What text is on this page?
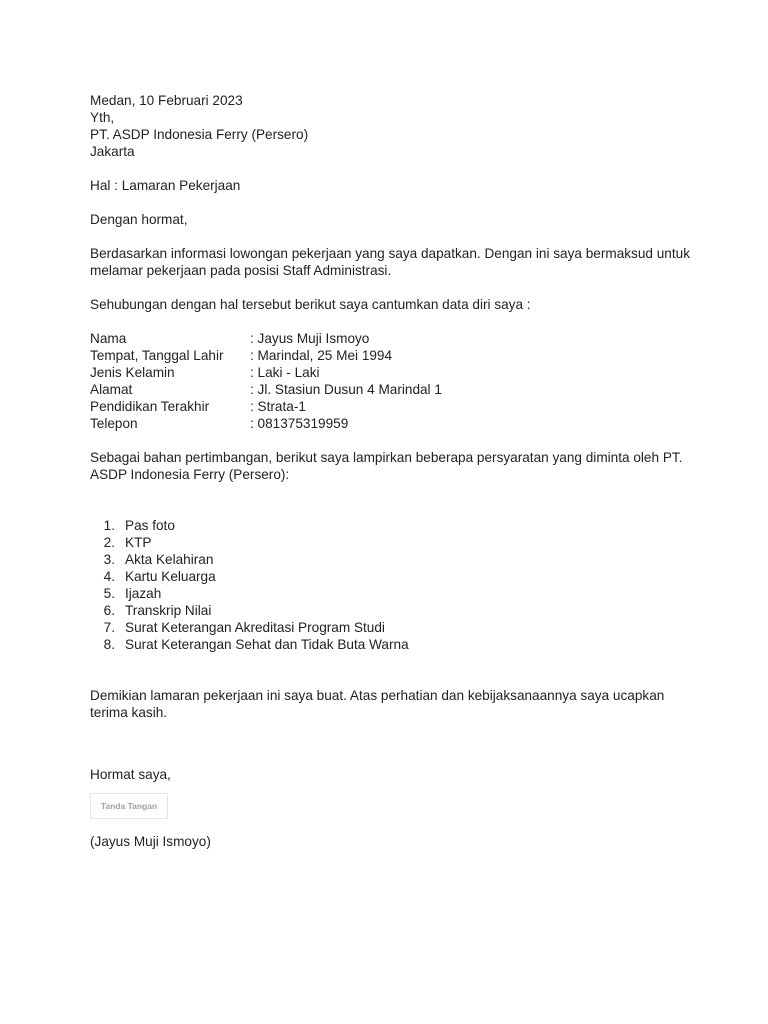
Medan, 10 Februari 2023
Yth,
PT. ASDP Indonesia Ferry (Persero)
Jakarta
Hal : Lamaran Pekerjaan
Dengan hormat,
Berdasarkan informasi lowongan pekerjaan yang saya dapatkan. Dengan ini saya bermaksud untuk melamar pekerjaan pada posisi Staff Administrasi.
Sehubungan dengan hal tersebut berikut saya cantumkan data diri saya :
Nama	: Jayus Muji Ismoyo
Tempat, Tanggal Lahir	: Marindal, 25 Mei 1994
Jenis Kelamin	: Laki - Laki
Alamat	: Jl. Stasiun Dusun 4 Marindal 1
Pendidikan Terakhir	: Strata-1
Telepon	: 081375319959
Sebagai bahan pertimbangan, berikut saya lampirkan beberapa persyaratan yang diminta oleh PT. ASDP Indonesia Ferry (Persero):
1. Pas foto
2. KTP
3. Akta Kelahiran
4. Kartu Keluarga
5. Ijazah
6. Transkrip Nilai
7. Surat Keterangan Akreditasi Program Studi
8. Surat Keterangan Sehat dan Tidak Buta Warna
Demikian lamaran pekerjaan ini saya buat. Atas perhatian dan kebijaksanaannya saya ucapkan terima kasih.
Hormat saya,
Tanda Tangan
(Jayus Muji Ismoyo)
